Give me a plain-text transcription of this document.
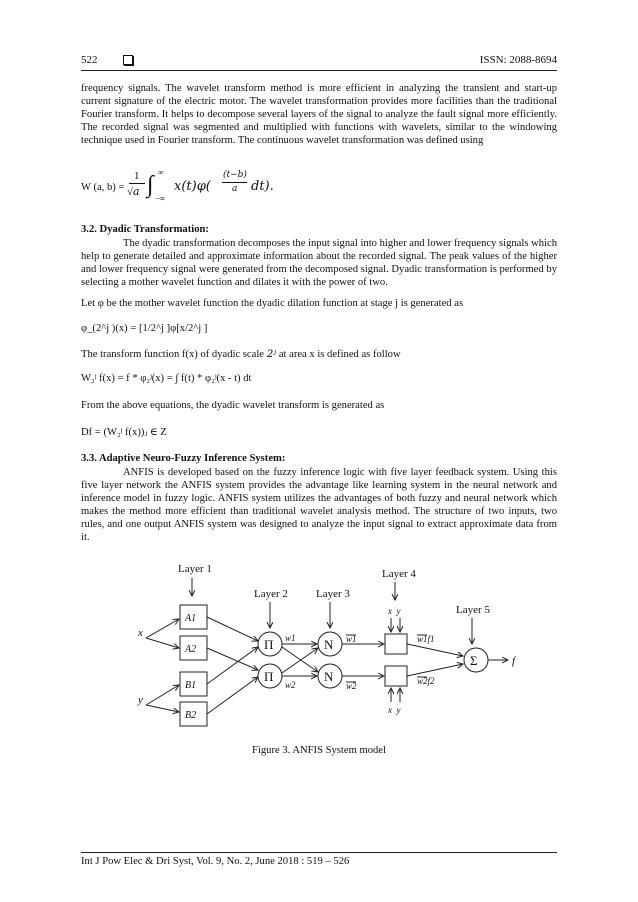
522	ISSN: 2088-8694

frequency signals. The wavelet transform method is more efficient in analyzing the transient and start-up current signature of the electric motor. The wavelet transformation provides more facilities than the traditional Fourier transform. It helps to decompose several layers of the signal to analyze the fault signal more efficiently. The recorded signal was segmented and multiplied with functions with wavelets, similar to the windowing technique used in Fourier transform. The continuous wavelet transformation was defined using

W (a, b) =
1
√a ∫ ∞
−∞
x(t)φ(
(t−b)
a dt).

3.2. Dyadic Transformation:

The dyadic transformation decomposes the input signal into higher and lower frequency signals which help to generate detailed and approximate information about the recorded signal. The peak values of the higher and lower frequency signal were generated from the decomposed signal. Dyadic transformation is performed by selecting a mother wavelet function and dilates it with the power of two.

Let φ be the mother wavelet function the dyadic dilation function at stage j is generated as

φ_(2^j )(x) = [1/2^j ]φ[x/2^j ]

The transform function f(x) of dyadic scale 2ʲ at area x is defined as follow

W₂ʲ f(x) = f * φ₂ʲ(x) = ∫ f(t) * φ₂ʲ(x - t) dt

From the above equations, the dyadic wavelet transform is generated as

Df = (W₂ʲ f(x))ⱼ ∈ Z

3.3. Adaptive Neuro-Fuzzy Inference System:

ANFIS is developed based on the fuzzy inference logic with five layer feedback system. Using this five layer network the ANFIS system provides the advantage like learning system in the neural network and inference model in fuzzy logic. ANFIS system utilizes the advantages of both fuzzy and neural network which makes the method more efficient than traditional wavelet analysis method. The structure of two inputs, two rules, and one output ANFIS system was designed to analyze the input signal to extract approximate data from it.

Layer 1
Layer 2	Layer 3
Layer 4
Layer 5
x
y
A1
A2
B1
B2
Π
Π
N
N
Σ
w1
w2
w1
w2
w1f1
w2f2
x  y
x  y
f
Figure 3. ANFIS System model
Int J Pow Elec & Dri Syst, Vol. 9, No. 2, June 2018 : 519 – 526
